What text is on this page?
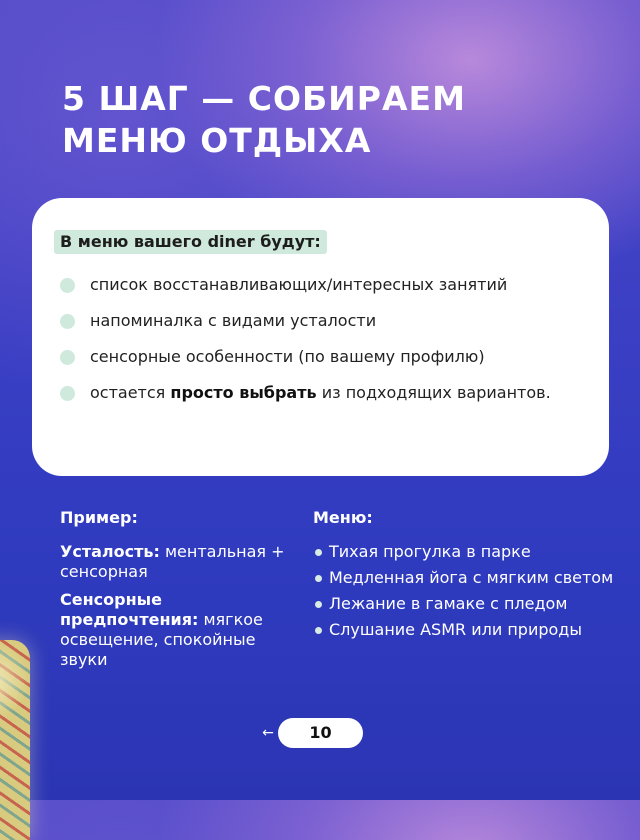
5 ШАГ — СОБИРАЕМ
МЕНЮ ОТДЫХА
В меню вашего diner будут:
список восстанавливающих/интересных занятий
напоминалка с видами усталости
сенсорные особенности (по вашему профилю)
остается просто выбрать из подходящих вариантов.
Пример:

Усталость: ментальная + сенсорная

Сенсорные предпочтения: мягкое освещение, спокойные звуки

Меню:
Тихая прогулка в парке
Медленная йога с мягким светом
Лежание в гамаке с пледом
Слушание ASMR или природы
←	10
